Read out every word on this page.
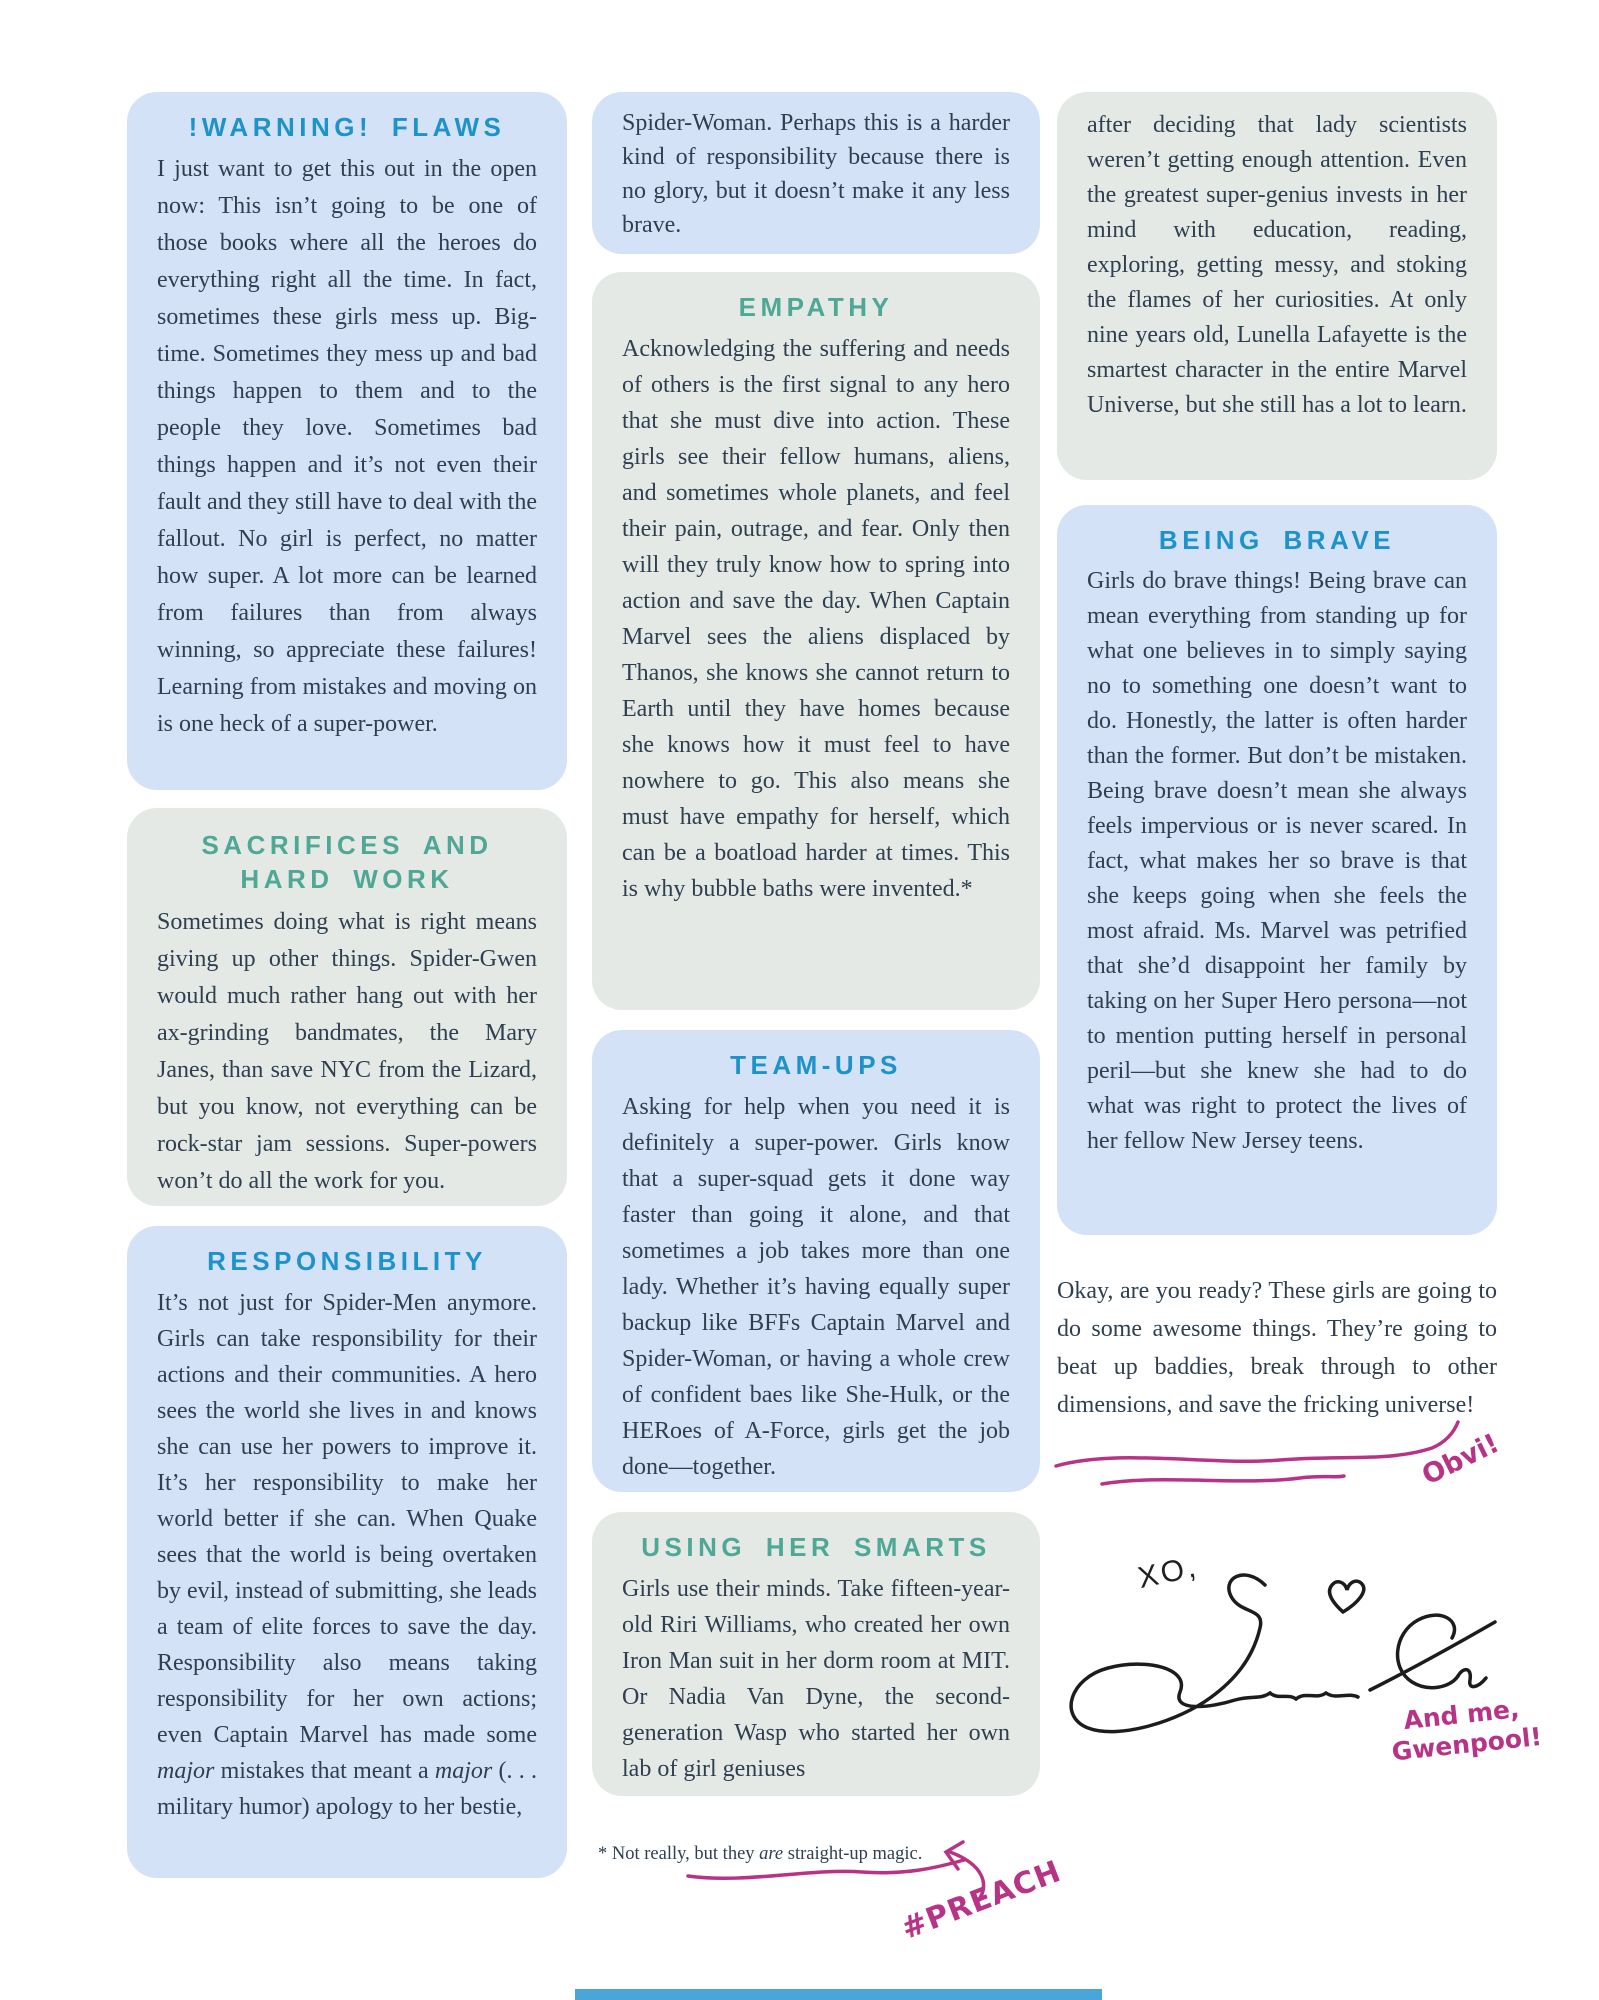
!WARNING! FLAWS

I just want to get this out in the open now: This isn’t going to be one of those books where all the heroes do everything right all the time. In fact, sometimes these girls mess up. Big-time. Sometimes they mess up and bad things happen to them and to the people they love. Sometimes bad things happen and it’s not even their fault and they still have to deal with the fallout. No girl is perfect, no matter how super. A lot more can be learned from failures than from always winning, so appreciate these failures! Learning from mistakes and moving on is one heck of a super-power.

SACRIFICES AND HARD WORK

Sometimes doing what is right means giving up other things. Spider-Gwen would much rather hang out with her ax-grinding bandmates, the Mary Janes, than save NYC from the Lizard, but you know, not everything can be rock-star jam sessions. Super-powers won’t do all the work for you.

RESPONSIBILITY

It’s not just for Spider-Men anymore. Girls can take responsibility for their actions and their communities. A hero sees the world she lives in and knows she can use her powers to improve it. It’s her responsibility to make her world better if she can. When Quake sees that the world is being overtaken by evil, instead of submitting, she leads a team of elite forces to save the day. Responsibility also means taking responsibility for her own actions; even Captain Marvel has made some major mistakes that meant a major (. . . military humor) apology to her bestie,

Spider-Woman. Perhaps this is a harder kind of responsibility because there is no glory, but it doesn’t make it any less brave.

EMPATHY

Acknowledging the suffering and needs of others is the first signal to any hero that she must dive into action. These girls see their fellow humans, aliens, and sometimes whole planets, and feel their pain, outrage, and fear. Only then will they truly know how to spring into action and save the day. When Captain Marvel sees the aliens displaced by Thanos, she knows she cannot return to Earth until they have homes because she knows how it must feel to have nowhere to go. This also means she must have empathy for herself, which can be a boatload harder at times. This is why bubble baths were invented.*

TEAM-UPS

Asking for help when you need it is definitely a super-power. Girls know that a super-squad gets it done way faster than going it alone, and that sometimes a job takes more than one lady. Whether it’s having equally super backup like BFFs Captain Marvel and Spider-Woman, or having a whole crew of confident baes like She-Hulk, or the HERoes of A-Force, girls get the job done—together.

USING HER SMARTS

Girls use their minds. Take fifteen-year-old Riri Williams, who created her own Iron Man suit in her dorm room at MIT. Or Nadia Van Dyne, the second-generation Wasp who started her own lab of girl geniuses

* Not really, but they are straight-up magic.
#PREACH

after deciding that lady scientists weren’t getting enough attention. Even the greatest super-genius invests in her mind with education, reading, exploring, getting messy, and stoking the flames of her curiosities. At only nine years old, Lunella Lafayette is the smartest character in the entire Marvel Universe, but she still has a lot to learn.

BEING BRAVE

Girls do brave things! Being brave can mean everything from standing up for what one believes in to simply saying no to something one doesn’t want to do. Honestly, the latter is often harder than the former. But don’t be mistaken. Being brave doesn’t mean she always feels impervious or is never scared. In fact, what makes her so brave is that she keeps going when she feels the most afraid. Ms. Marvel was petrified that she’d disappoint her family by taking on her Super Hero persona—not to mention putting herself in personal peril—but she knew she had to do what was right to protect the lives of her fellow New Jersey teens.

Okay, are you ready? These girls are going to do some awesome things. They’re going to beat up baddies, break through to other dimensions, and save the fricking universe!

Obvi!
XO,
And me,
Gwenpool!
